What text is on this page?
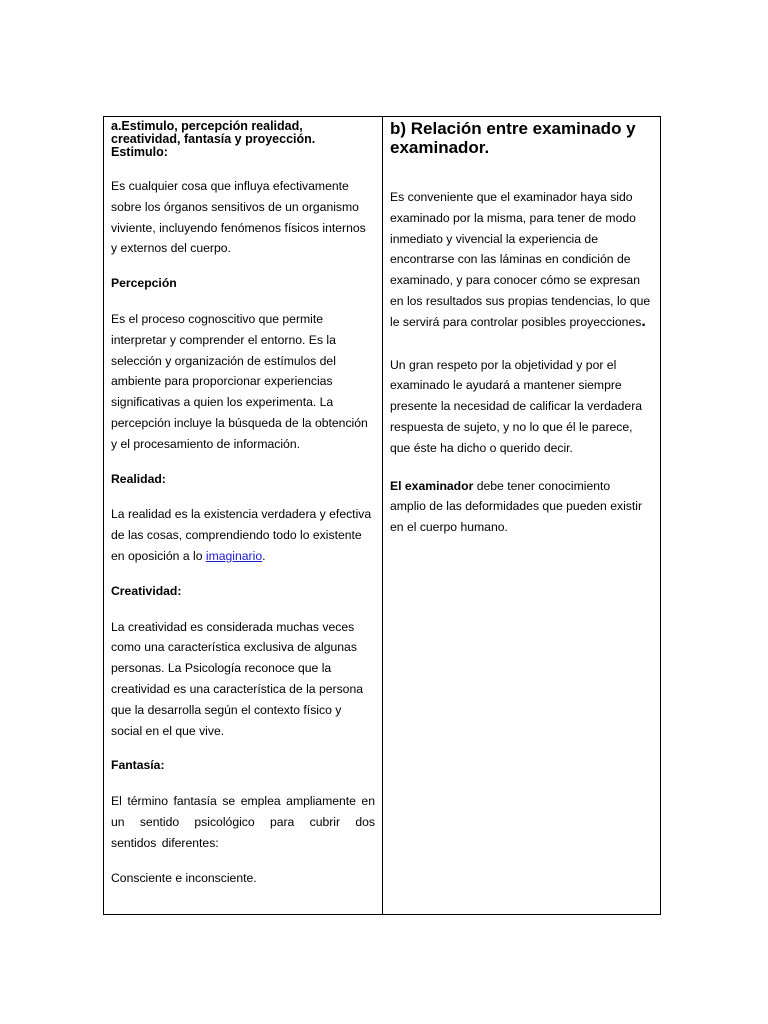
a.Estimulo, percepción realidad,
creatividad, fantasía y proyección.
Estimulo:

Es cualquier cosa que influya efectivamente sobre los órganos sensitivos de un organismo viviente, incluyendo fenómenos físicos internos y externos del cuerpo.

Percepción

Es el proceso cognoscitivo que permite interpretar y comprender el entorno. Es la selección y organización de estímulos del ambiente para proporcionar experiencias significativas a quien los experimenta. La percepción incluye la búsqueda de la obtención y el procesamiento de información.

Realidad:

La realidad es la existencia verdadera y efectiva de las cosas, comprendiendo todo lo existente en oposición a lo imaginario.

Creatividad:

La creatividad es considerada muchas veces como una característica exclusiva de algunas personas. La Psicología reconoce que la creatividad es una característica de la persona que la desarrolla según el contexto físico y social en el que vive.

Fantasía:

El término fantasía se emplea ampliamente en un sentido psicológico para cubrir dos sentidos diferentes:

Consciente e inconsciente.

b) Relación entre examinado y examinador.

Es conveniente que el examinador haya sido examinado por la misma, para tener de modo inmediato y vivencial la experiencia de encontrarse con las láminas en condición de examinado, y para conocer cómo se expresan en los resultados sus propias tendencias, lo que le servirá para controlar posibles proyecciones.

Un gran respeto por la objetividad y por el examinado le ayudará a mantener siempre presente la necesidad de calificar la verdadera respuesta de sujeto, y no lo que él le parece, que éste ha dicho o querido decir.

El examinador debe tener conocimiento amplio de las deformidades que pueden existir en el cuerpo humano.
